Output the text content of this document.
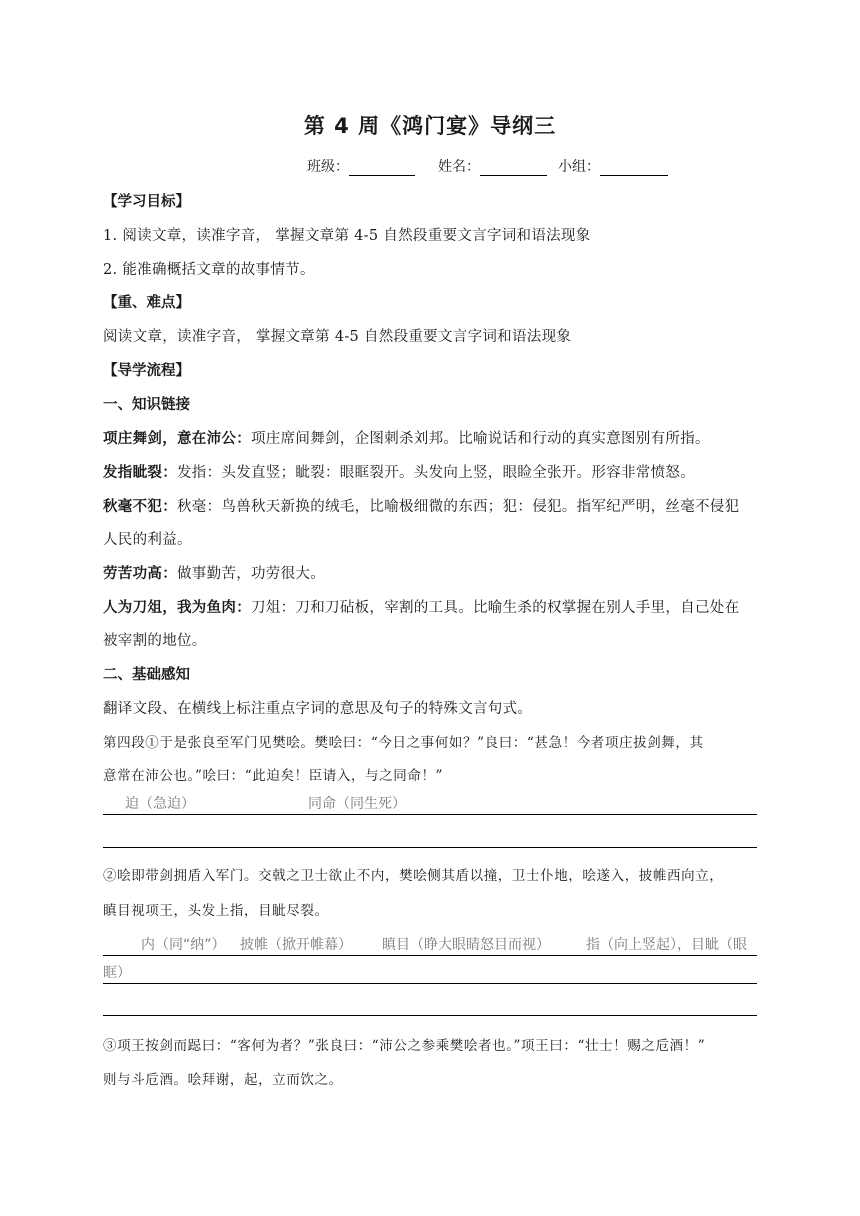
第 4 周《鸿门宴》导纲三
班级：	姓名：	小组：
【学习目标】
1. 阅读文章，读准字音， 掌握文章第 4-5 自然段重要文言字词和语法现象
2. 能准确概括文章的故事情节。
【重、难点】
阅读文章，读准字音， 掌握文章第 4-5 自然段重要文言字词和语法现象
【导学流程】
一、知识链接
项庄舞剑，意在沛公：项庄席间舞剑，企图刺杀刘邦。比喻说话和行动的真实意图别有所指。
发指眦裂：发指：头发直竖；眦裂：眼眶裂开。头发向上竖，眼睑全张开。形容非常愤怒。
秋毫不犯：秋毫：鸟兽秋天新换的绒毛，比喻极细微的东西；犯：侵犯。指军纪严明，丝毫不侵犯
人民的利益。
劳苦功高：做事勤苦，功劳很大。
人为刀俎，我为鱼肉：刀俎：刀和刀砧板，宰割的工具。比喻生杀的权掌握在别人手里，自己处在
被宰割的地位。
二、基础感知
翻译文段、在横线上标注重点字词的意思及句子的特殊文言句式。
第四段①于是张良至军门见樊哙。樊哙曰：“今日之事何如？”良曰：“甚急！今者项庄拔剑舞，其
意常在沛公也。”哙曰：“此迫矣！臣请入，与之同命！”
迫（急迫）	同命（同生死）
②哙即带剑拥盾入军门。交戟之卫士欲止不内，樊哙侧其盾以撞，卫士仆地，哙遂入，披帷西向立，
瞋目视项王，头发上指，目眦尽裂。
内（同“纳”） 披帷（掀开帷幕） 瞋目（睁大眼睛怒目而视）	指（向上竖起），目眦（眼
眶）
③项王按剑而跽曰：“客何为者？”张良曰：“沛公之参乘樊哙者也。”项王曰：“壮士！赐之卮酒！”
则与斗卮酒。哙拜谢，起，立而饮之。
